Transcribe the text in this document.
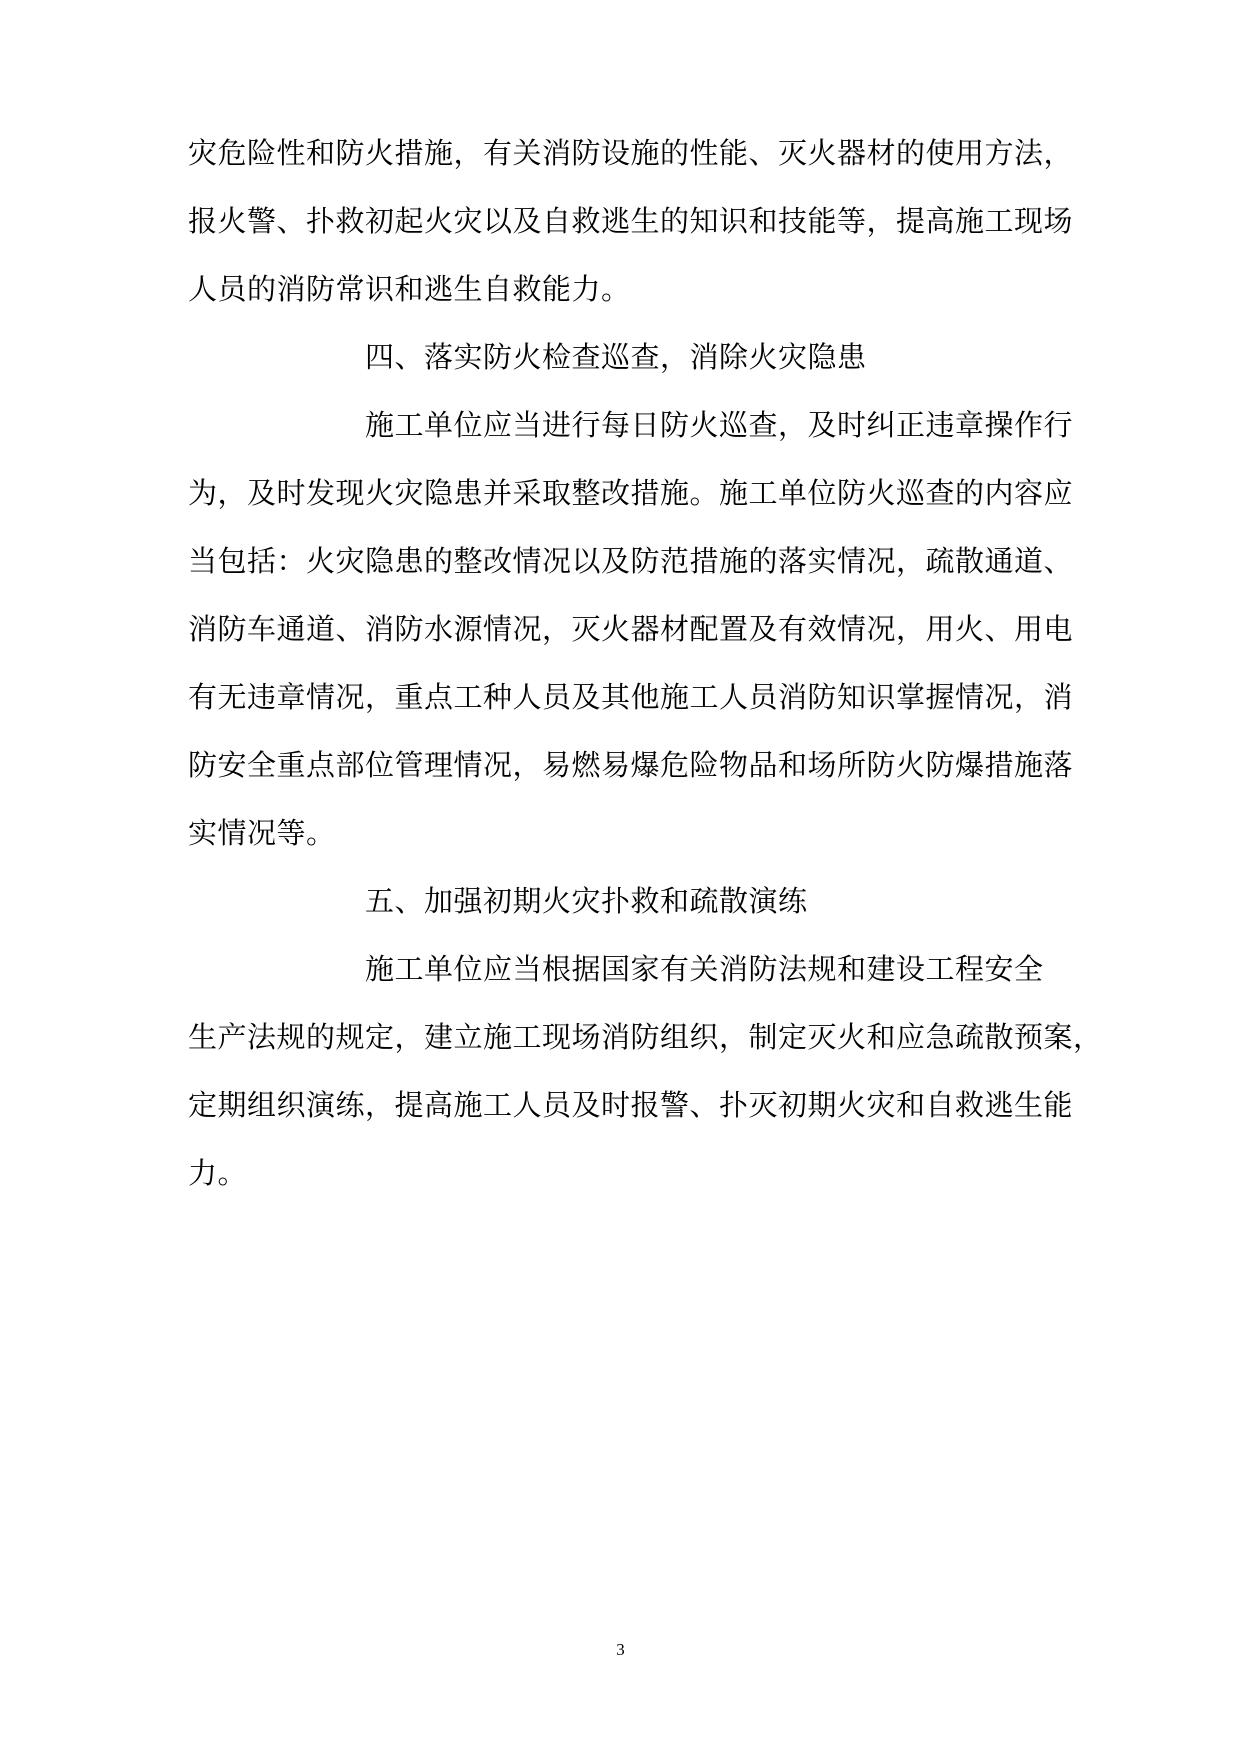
灾危险性和防火措施，有关消防设施的性能、灭火器材的使用方法，
报火警、扑救初起火灾以及自救逃生的知识和技能等，提高施工现场
人员的消防常识和逃生自救能力。
四、落实防火检查巡查，消除火灾隐患
施工单位应当进行每日防火巡查，及时纠正违章操作行
为，及时发现火灾隐患并采取整改措施。施工单位防火巡查的内容应
当包括：火灾隐患的整改情况以及防范措施的落实情况，疏散通道、
消防车通道、消防水源情况，灭火器材配置及有效情况，用火、用电
有无违章情况，重点工种人员及其他施工人员消防知识掌握情况，消
防安全重点部位管理情况，易燃易爆危险物品和场所防火防爆措施落
实情况等。
五、加强初期火灾扑救和疏散演练
施工单位应当根据国家有关消防法规和建设工程安全
生产法规的规定，建立施工现场消防组织，制定灭火和应急疏散预案，
定期组织演练，提高施工人员及时报警、扑灭初期火灾和自救逃生能
力。
3
